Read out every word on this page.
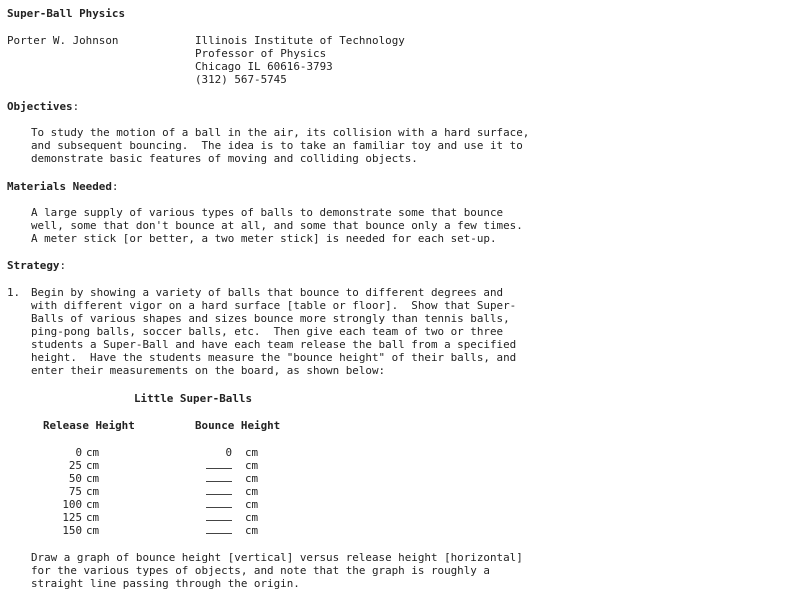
Super-Ball Physics
Porter W. Johnson	Illinois Institute of Technology
Professor of Physics
Chicago IL 60616-3793
(312) 567-5745
Objectives:
To study the motion of a ball in the air, its collision with a hard surface,
and subsequent bouncing.  The idea is to take an familiar toy and use it to
demonstrate basic features of moving and colliding objects.
Materials Needed:
A large supply of various types of balls to demonstrate some that bounce
well, some that don't bounce at all, and some that bounce only a few times.
A meter stick [or better, a two meter stick] is needed for each set-up.
Strategy:
1. Begin by showing a variety of balls that bounce to different degrees and
with different vigor on a hard surface [table or floor].  Show that Super-
Balls of various shapes and sizes bounce more strongly than tennis balls,
ping-pong balls, soccer balls, etc.  Then give each team of two or three
students a Super-Ball and have each team release the ball from a specified
height.  Have the students measure the "bounce height" of their balls, and
enter their measurements on the board, as shown below:
Little Super-Balls
Release Height	Bounce Height
0 cm	0 cm
25 cm	cm
50 cm	cm
75 cm	cm
100 cm	cm
125 cm	cm
150 cm	cm
Draw a graph of bounce height [vertical] versus release height [horizontal]
for the various types of objects, and note that the graph is roughly a
straight line passing through the origin.
